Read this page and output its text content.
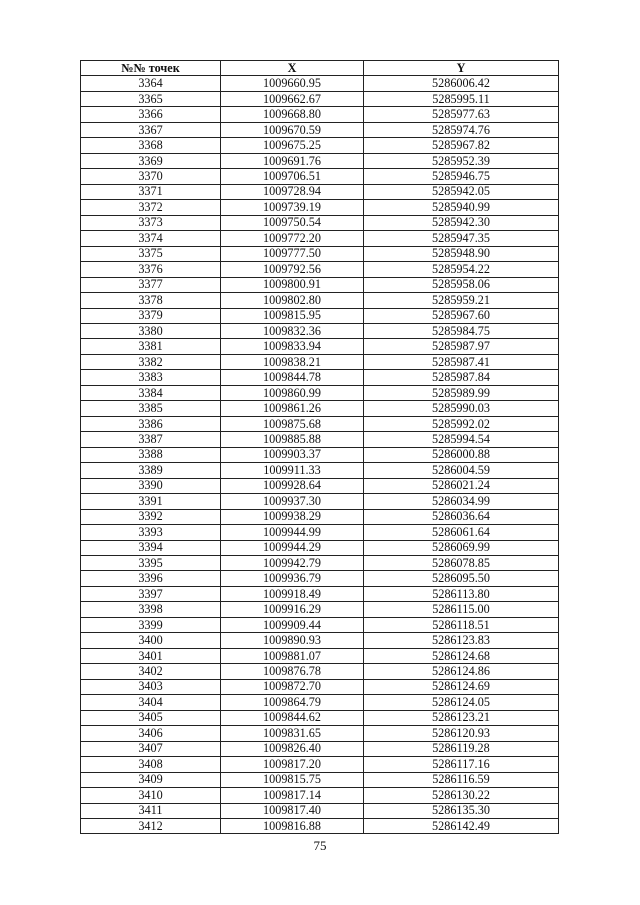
№№ точек	X	Y
3364	1009660.95	5286006.42
3365	1009662.67	5285995.11
3366	1009668.80	5285977.63
3367	1009670.59	5285974.76
3368	1009675.25	5285967.82
3369	1009691.76	5285952.39
3370	1009706.51	5285946.75
3371	1009728.94	5285942.05
3372	1009739.19	5285940.99
3373	1009750.54	5285942.30
3374	1009772.20	5285947.35
3375	1009777.50	5285948.90
3376	1009792.56	5285954.22
3377	1009800.91	5285958.06
3378	1009802.80	5285959.21
3379	1009815.95	5285967.60
3380	1009832.36	5285984.75
3381	1009833.94	5285987.97
3382	1009838.21	5285987.41
3383	1009844.78	5285987.84
3384	1009860.99	5285989.99
3385	1009861.26	5285990.03
3386	1009875.68	5285992.02
3387	1009885.88	5285994.54
3388	1009903.37	5286000.88
3389	1009911.33	5286004.59
3390	1009928.64	5286021.24
3391	1009937.30	5286034.99
3392	1009938.29	5286036.64
3393	1009944.99	5286061.64
3394	1009944.29	5286069.99
3395	1009942.79	5286078.85
3396	1009936.79	5286095.50
3397	1009918.49	5286113.80
3398	1009916.29	5286115.00
3399	1009909.44	5286118.51
3400	1009890.93	5286123.83
3401	1009881.07	5286124.68
3402	1009876.78	5286124.86
3403	1009872.70	5286124.69
3404	1009864.79	5286124.05
3405	1009844.62	5286123.21
3406	1009831.65	5286120.93
3407	1009826.40	5286119.28
3408	1009817.20	5286117.16
3409	1009815.75	5286116.59
3410	1009817.14	5286130.22
3411	1009817.40	5286135.30
3412	1009816.88	5286142.49
75
